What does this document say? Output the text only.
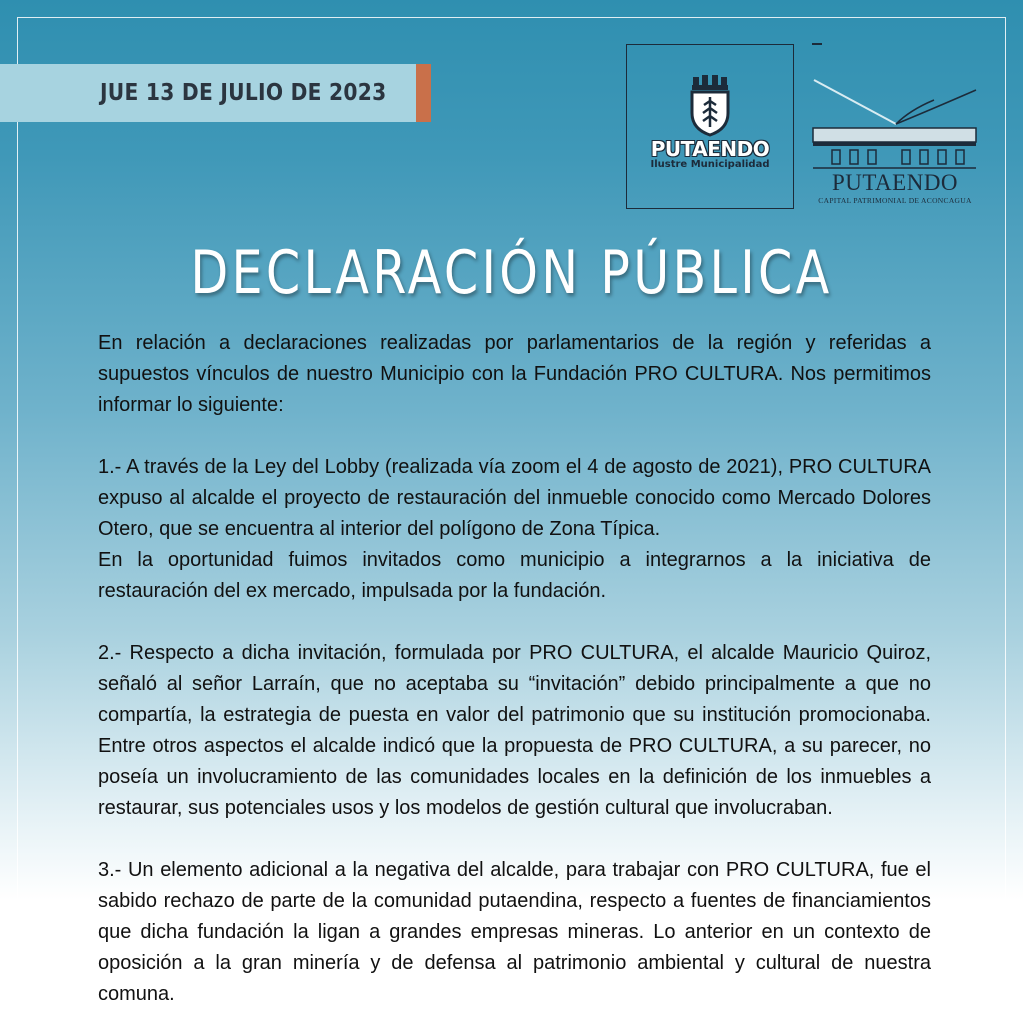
JUE 13 DE JULIO DE 2023
PUTAENDO
Ilustre Municipalidad
PUTAENDO
CAPITAL PATRIMONIAL DE ACONCAGUA
DECLARACIÓN PÚBLICA

En relación a declaraciones realizadas por parlamentarios de la región y referidas a supuestos vínculos de nuestro Municipio con la Fundación PRO CULTURA. Nos permitimos informar lo siguiente:

1.- A través de la Ley del Lobby (realizada vía zoom el 4 de agosto de 2021), PRO CULTURA expuso al alcalde el proyecto de restauración del inmueble conocido como Mercado Dolores Otero, que se encuentra al interior del polígono de Zona Típica.

En la oportunidad fuimos invitados como municipio a integrarnos a la iniciativa de restauración del ex mercado, impulsada por la fundación.

2.- Respecto a dicha invitación, formulada por PRO CULTURA, el alcalde Mauricio Quiroz, señaló al señor Larraín, que no aceptaba su “invitación” debido principalmente a que no compartía, la estrategia de puesta en valor del patrimonio que su institución promocionaba. Entre otros aspectos el alcalde indicó que la propuesta de PRO CULTURA, a su parecer, no poseía un involucramiento de las comunidades locales en la definición de los inmuebles a restaurar, sus potenciales usos y los modelos de gestión cultural que involucraban.

3.- Un elemento adicional a la negativa del alcalde, para trabajar con PRO CULTURA, fue el sabido rechazo de parte de la comunidad putaendina, respecto a fuentes de financiamientos que dicha fundación la ligan a grandes empresas mineras. Lo anterior en un contexto de oposición a la gran minería y de defensa al patrimonio ambiental y cultural de nuestra comuna.
